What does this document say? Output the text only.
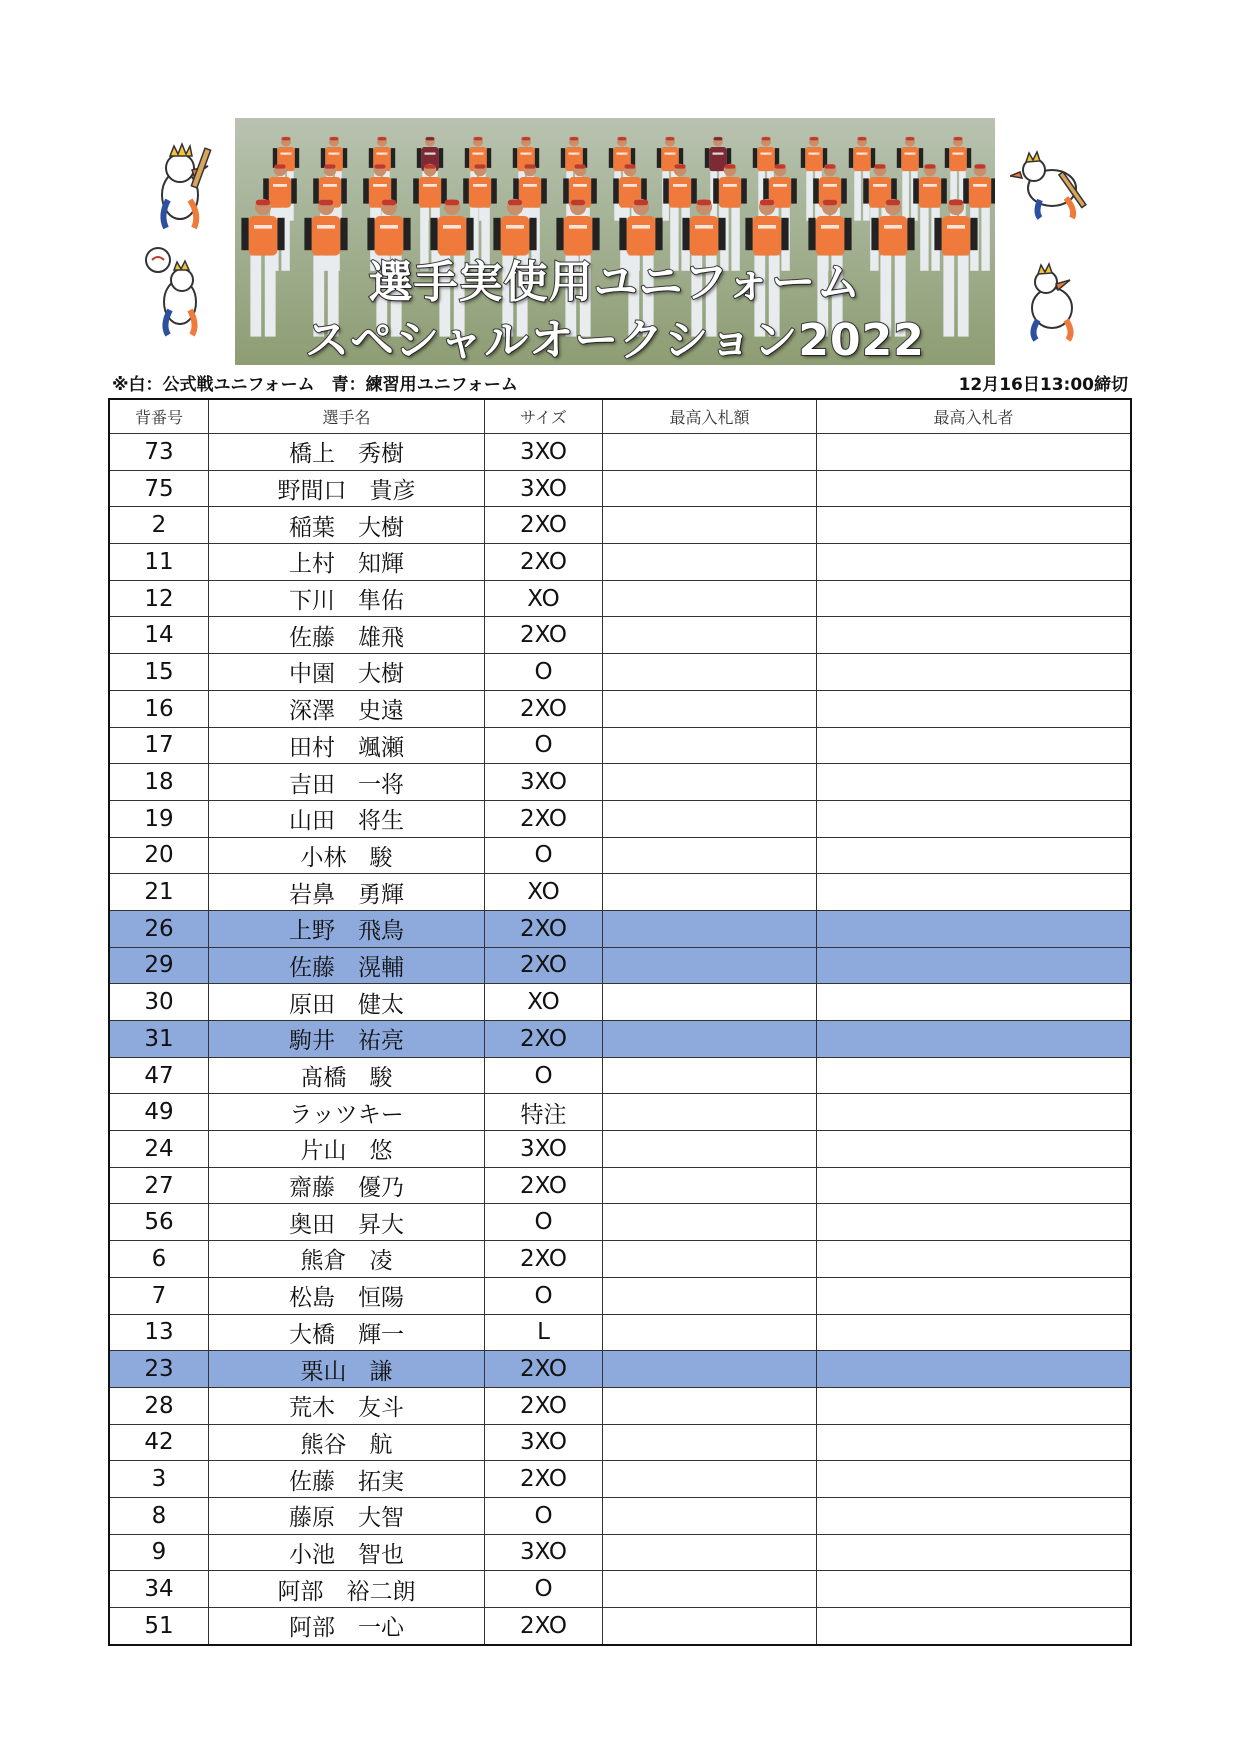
選手実使用ユニフォーム
スペシャルオークション2022
※白：公式戦ユニフォーム　青：練習用ユニフォーム	12月16日13:00締切
背番号	選手名	サイズ	最高入札額	最高入札者
73	橋上　秀樹	3XO
75	野間口　貴彦	3XO
2	稲葉　大樹	2XO
11	上村　知輝	2XO
12	下川　隼佑	XO
14	佐藤　雄飛	2XO
15	中園　大樹	O
16	深澤　史遠	2XO
17	田村　颯瀬	O
18	吉田　一将	3XO
19	山田　将生	2XO
20	小林　駿	O
21	岩鼻　勇輝	XO
26	上野　飛鳥	2XO
29	佐藤　滉輔	2XO
30	原田　健太	XO
31	駒井　祐亮	2XO
47	髙橋　駿	O
49	ラッツキー	特注
24	片山　悠	3XO
27	齋藤　優乃	2XO
56	奥田　昇大	O
6	熊倉　凌	2XO
7	松島　恒陽	O
13	大橋　輝一	L
23	栗山　謙	2XO
28	荒木　友斗	2XO
42	熊谷　航	3XO
3	佐藤　拓実	2XO
8	藤原　大智	O
9	小池　智也	3XO
34	阿部　裕二朗	O
51	阿部　一心	2XO
